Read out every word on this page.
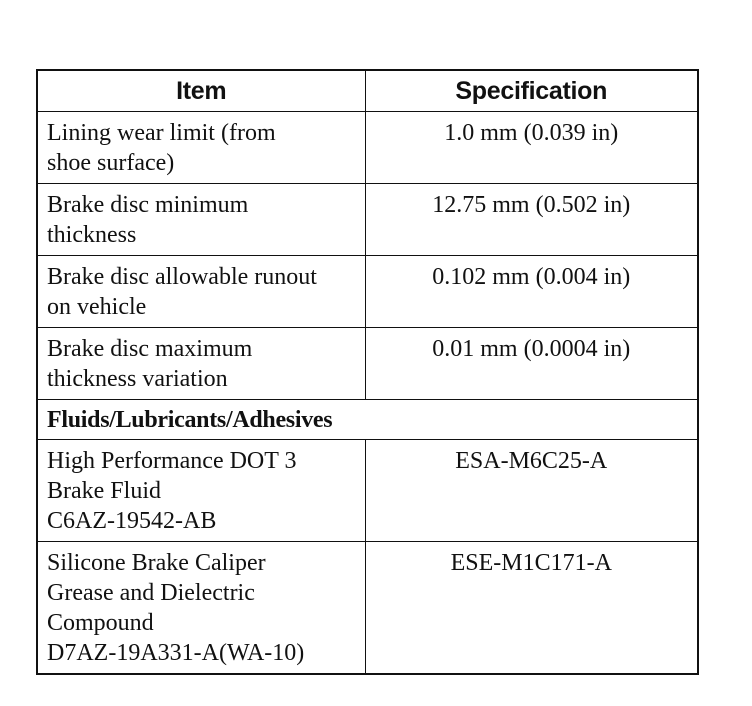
Item	Specification
Lining wear limit (from
shoe surface)	1.0 mm (0.039 in)
Brake disc minimum
thickness	12.75 mm (0.502 in)
Brake disc allowable runout
on vehicle	0.102 mm (0.004 in)
Brake disc maximum
thickness variation	0.01 mm (0.0004 in)
Fluids/Lubricants/Adhesives	
High Performance DOT 3
Brake Fluid
C6AZ-19542-AB	ESA-M6C25-A
Silicone Brake Caliper
Grease and Dielectric
Compound
D7AZ-19A331-A(WA-10)	ESE-M1C171-A
